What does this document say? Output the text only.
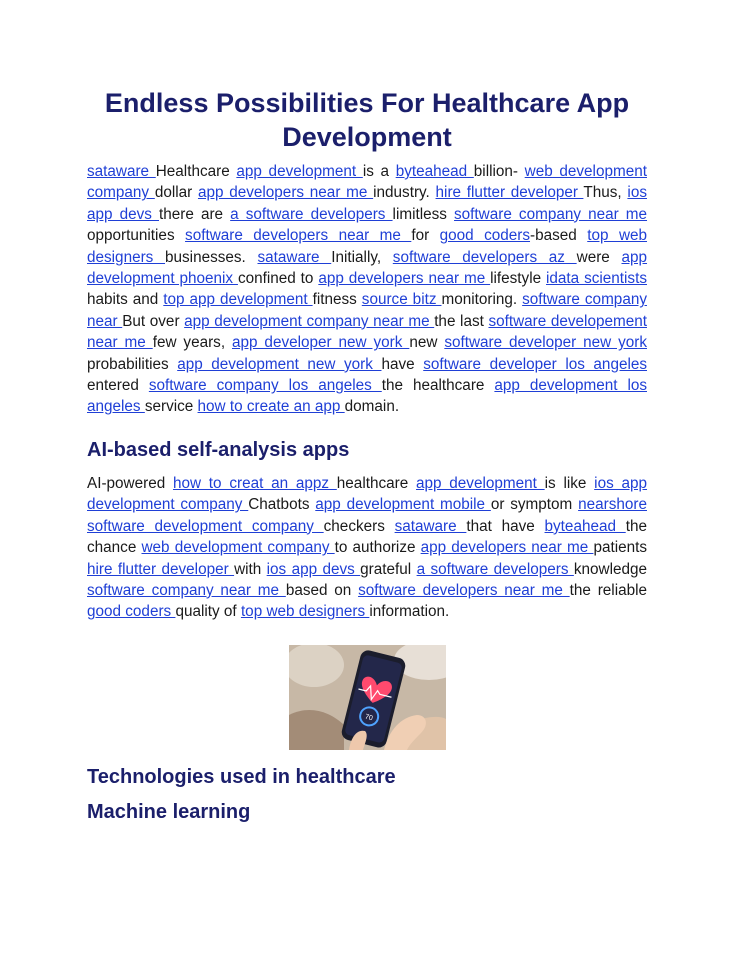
Endless Possibilities For Healthcare App Development

sataware Healthcare app development is a byteahead billion- web development company dollar app developers near me industry. hire flutter developer Thus, ios app devs there are a software developers limitless software company near me opportunities software developers near me for good coders-based top web designers businesses. sataware Initially, software developers az were app development phoenix confined to app developers near me lifestyle idata scientists habits and top app development fitness source bitz monitoring. software company near But over app development company near me the last software developement near me few years, app developer new york new software developer new york probabilities app development new york have software developer los angeles entered software company los angeles the healthcare app development los angeles service how to create an app domain.

AI-based self-analysis apps

AI-powered how to creat an appz healthcare app development is like ios app development company Chatbots app development mobile or symptom nearshore software development company checkers sataware that have byteahead the chance web development company to authorize app developers near me patients hire flutter developer with ios app devs grateful a software developers knowledge software company near me based on software developers near me the reliable good coders quality of top web designers information.

70
Technologies used in healthcare
Machine learning
